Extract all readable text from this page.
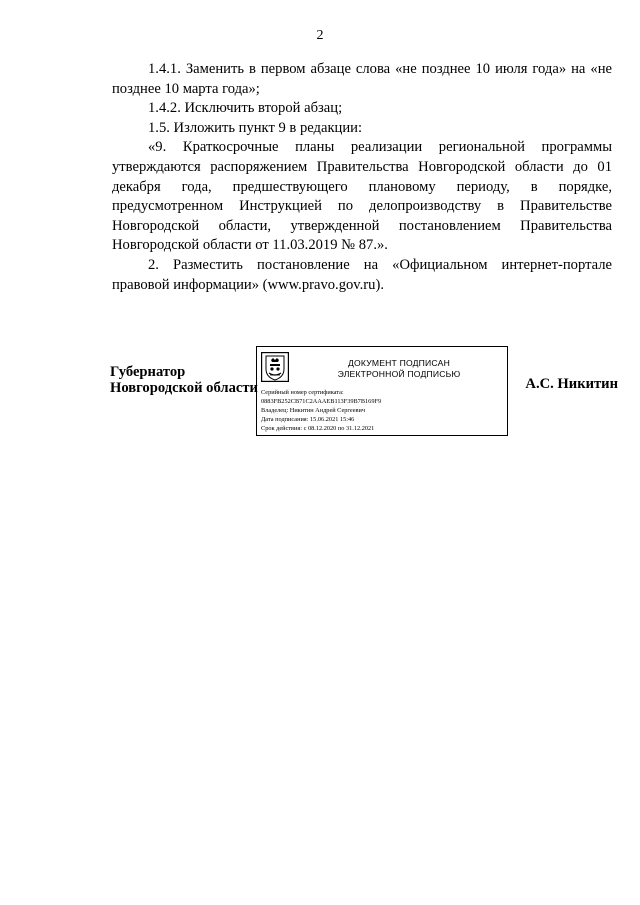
2

1.4.1. Заменить в первом абзаце слова «не позднее 10 июля года» на «не позднее 10 марта года»;

1.4.2. Исключить второй абзац;

1.5. Изложить пункт 9 в редакции:

«9. Краткосрочные планы реализации региональной программы утверждаются распоряжением Правительства Новгородской области до 01 декабря года, предшествующего плановому периоду, в порядке, предусмотренном Инструкцией по делопроизводству в Правительстве Новгородской области, утвержденной постановлением Правительства Новгородской области от 11.03.2019 № 87.».

2. Разместить постановление на «Официальном интернет-портале правовой информации» (www.pravo.gov.ru).

Губернатор
Новгородской области
ДОКУМЕНТ ПОДПИСАН
ЭЛЕКТРОННОЙ ПОДПИСЬЮ
Серийный номер сертификата:
0883FB252CB71C2AAAEB113F39B7B169F9
Владелец: Никитин Андрей Сергеевич
Дата подписания: 15.06.2021 15:46
Срок действия: с 08.12.2020 по 31.12.2021
А.С. Никитин
